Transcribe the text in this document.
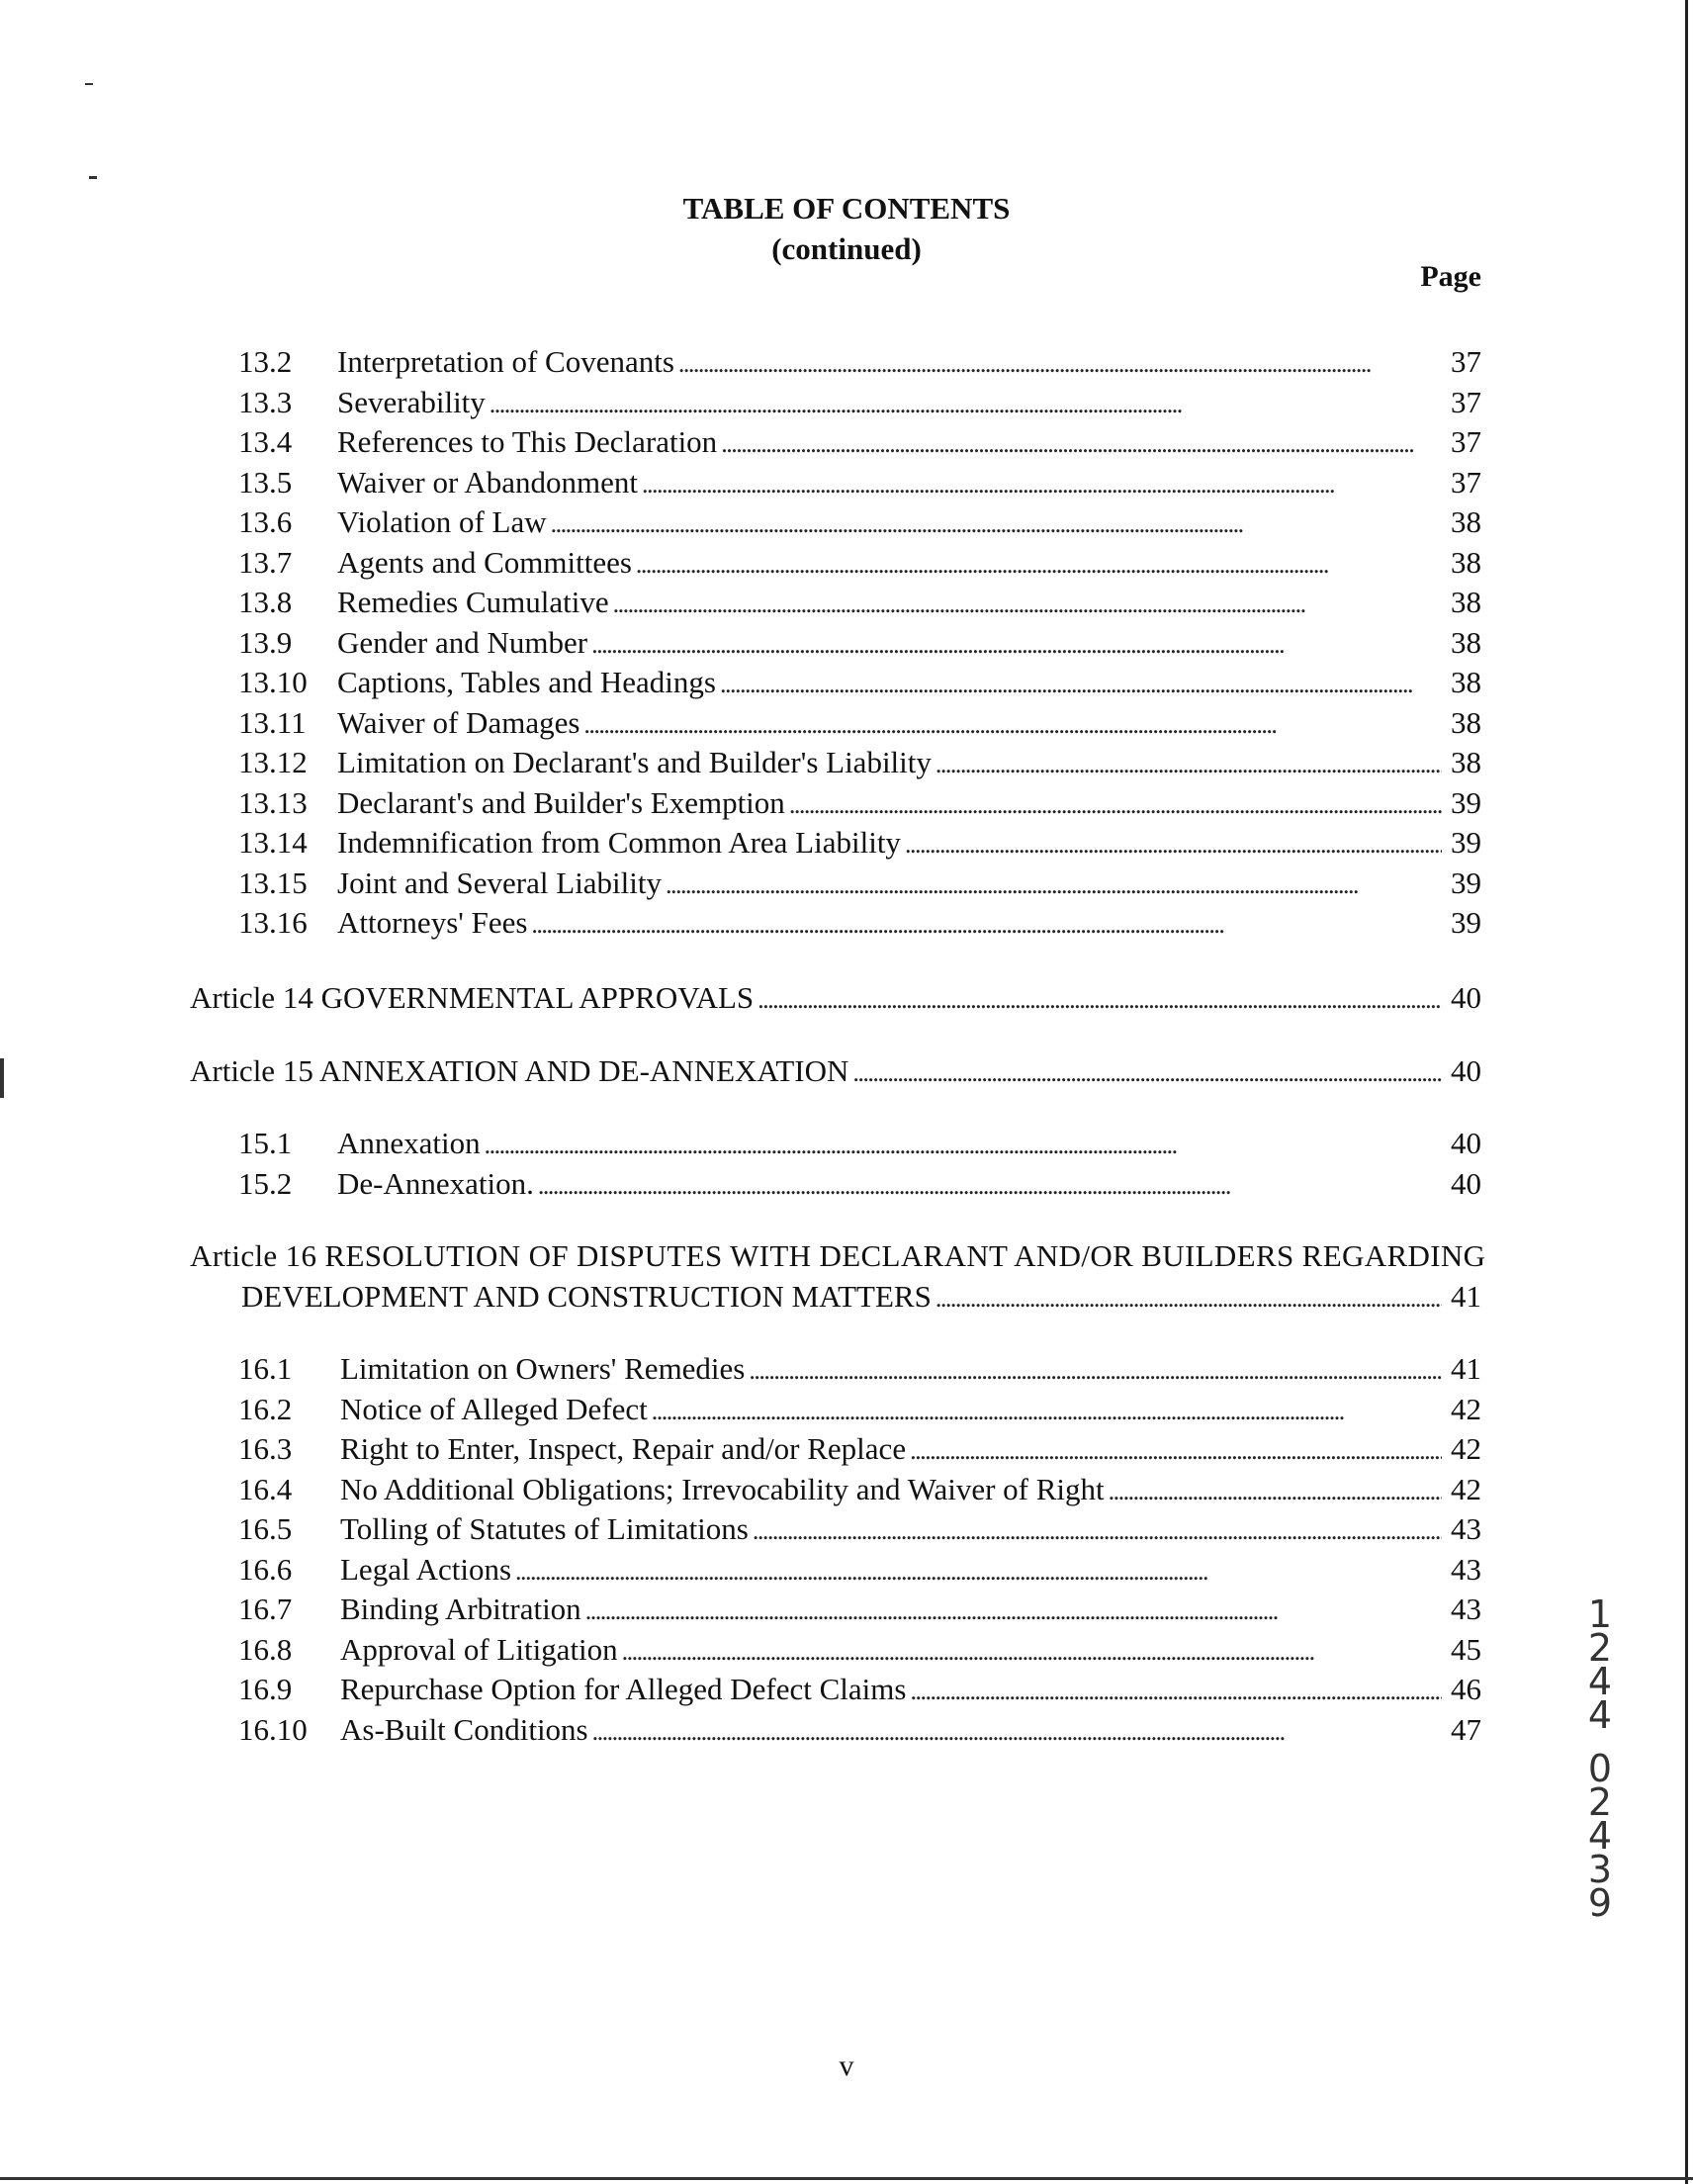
TABLE OF CONTENTS
(continued)
Page
13.2	Interpretation of Covenants . . .	37
13.3	Severability . . .	37
13.4	References to This Declaration . . .	37
13.5	Waiver or Abandonment . . .	37
13.6	Violation of Law . . .	38
13.7	Agents and Committees . . .	38
13.8	Remedies Cumulative . . .	38
13.9	Gender and Number . . .	38
13.10 Captions, Tables and Headings . . .	38
13.11	Waiver of Damages . . .	38
13.12 Limitation on Declarant's and Builder's Liability . . .	38
13.13 Declarant's and Builder's Exemption . . .	39
13.14 Indemnification from Common Area Liability . . .	39
13.15 Joint and Several Liability . . .	39
13.16 Attorneys' Fees . . .	39
Article 14 GOVERNMENTAL APPROVALS . . .	40
Article 15 ANNEXATION AND DE-ANNEXATION . . .	40
15.1	Annexation . . .	40
15.2	De-Annexation. . . .	40
Article 16 RESOLUTION OF DISPUTES WITH DECLARANT AND/OR BUILDERS REGARDING
DEVELOPMENT AND CONSTRUCTION MATTERS . . .	41
16.1	Limitation on Owners' Remedies . . .	41
16.2	Notice of Alleged Defect . . .	42
16.3	Right to Enter, Inspect, Repair and/or Replace . . .	42
16.4	No Additional Obligations; Irrevocability and Waiver of Right . . .	42
16.5	Tolling of Statutes of Limitations . . .	43
16.6	Legal Actions . . .	43
16.7	Binding Arbitration . . .	43
16.8	Approval of Litigation . . .	45
16.9	Repurchase Option for Alleged Defect Claims . . .	46
16.10	As-Built Conditions . . .	47
v
1244
02439
